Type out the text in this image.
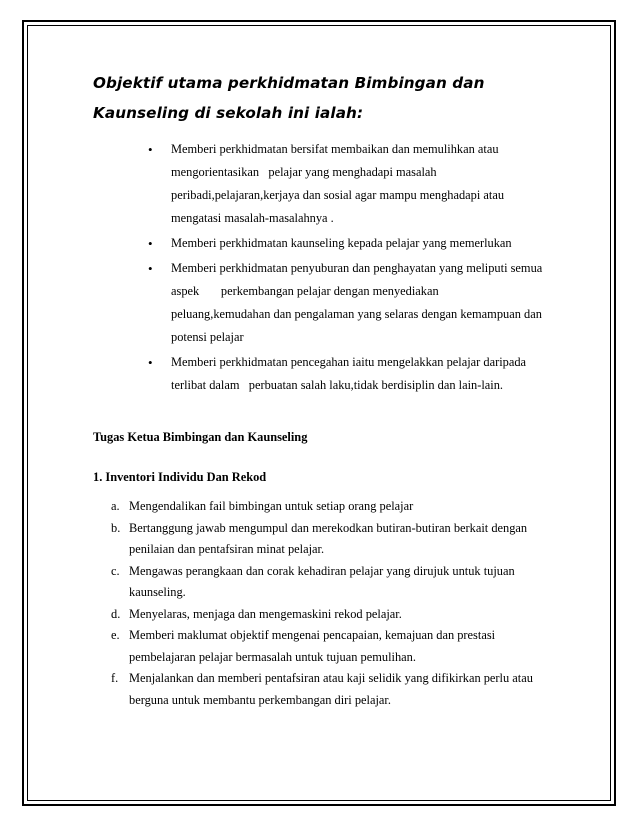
Objektif utama perkhidmatan Bimbingan dan
Kaunseling di sekolah ini ialah:

• Memberi perkhidmatan bersifat membaikan dan memulihkan atau
mengorientasikan   pelajar yang menghadapi masalah
peribadi,pelajaran,kerjaya dan sosial agar mampu menghadapi atau
mengatasi masalah-masalahnya .
• Memberi perkhidmatan kaunseling kepada pelajar yang memerlukan
• Memberi perkhidmatan penyuburan dan penghayatan yang meliputi semua
aspek       perkembangan pelajar dengan menyediakan
peluang,kemudahan dan pengalaman yang selaras dengan kemampuan dan
potensi pelajar
• Memberi perkhidmatan pencegahan iaitu mengelakkan pelajar daripada
terlibat dalam   perbuatan salah laku,tidak berdisiplin dan lain-lain.

Tugas Ketua Bimbingan dan Kaunseling

1. Inventori Individu Dan Rekod

a. Mengendalikan fail bimbingan untuk setiap orang pelajar
b. Bertanggung jawab mengumpul dan merekodkan butiran-butiran berkait dengan
penilaian dan pentafsiran minat pelajar.
c. Mengawas perangkaan dan corak kehadiran pelajar yang dirujuk untuk tujuan
kaunseling.
d. Menyelaras, menjaga dan mengemaskini rekod pelajar.
e. Memberi maklumat objektif mengenai pencapaian, kemajuan dan prestasi
pembelajaran pelajar bermasalah untuk tujuan pemulihan.
f. Menjalankan dan memberi pentafsiran atau kaji selidik yang difikirkan perlu atau
berguna untuk membantu perkembangan diri pelajar.
